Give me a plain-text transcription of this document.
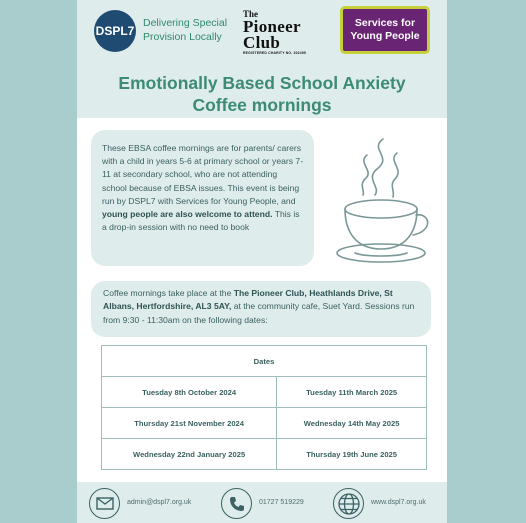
DSPL7
Delivering Special
Provision Locally
The
Pioneer
Club
REGISTERED CHARITY NO. 302495
Services for
Young People
Emotionally Based School Anxiety
Coffee mornings
These EBSA coffee mornings are for parents/ carers with a child in years 5-6 at primary school or years 7-11 at secondary school, who are not attending school because of EBSA issues. This event is being run by DSPL7 with Services for Young People, and young people are also welcome to attend. This is a drop-in session with no need to book
Coffee mornings take place at the The Pioneer Club, Heathlands Drive, St Albans, Hertfordshire, AL3 5AY, at the community cafe, Suet Yard. Sessions run from 9:30 - 11:30am on the following dates:
Dates	
Tuesday 8th October 2024	Tuesday 11th March 2025
Thursday 21st November 2024	Wednesday 14th May 2025
Wednesday 22nd January 2025	Thursday 19th June 2025
admin@dspl7.org.uk	01727 519229	www.dspl7.org.uk
